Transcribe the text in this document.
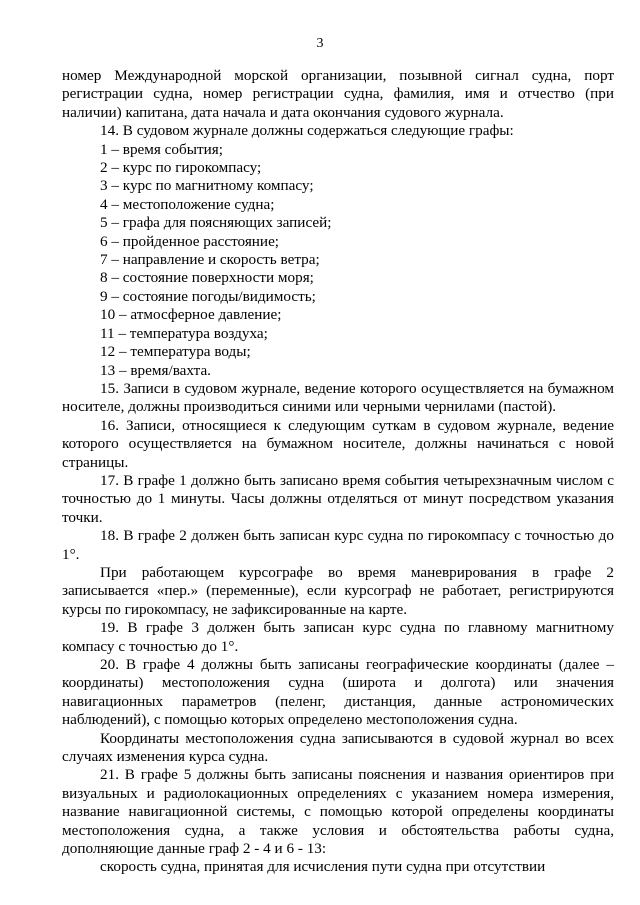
3

номер Международной морской организации, позывной сигнал судна, порт регистрации судна, номер регистрации судна, фамилия, имя и отчество (при наличии) капитана, дата начала и дата окончания судового журнала.

14. В судовом журнале должны содержаться следующие графы:

1 – время события;

2 – курс по гирокомпасу;

3 – курс по магнитному компасу;

4 – местоположение судна;

5 – графа для поясняющих записей;

6 – пройденное расстояние;

7 – направление и скорость ветра;

8 – состояние поверхности моря;

9 – состояние погоды/видимость;

10 – атмосферное давление;

11 – температура воздуха;

12 – температура воды;

13 – время/вахта.

15. Записи в судовом журнале, ведение которого осуществляется на бумажном носителе, должны производиться синими или черными чернилами (пастой).

16. Записи, относящиеся к следующим суткам в судовом журнале, ведение которого осуществляется на бумажном носителе, должны начинаться с новой страницы.

17. В графе 1 должно быть записано время события четырехзначным числом с точностью до 1 минуты. Часы должны отделяться от минут посредством указания точки.

18. В графе 2 должен быть записан курс судна по гирокомпасу с точностью до 1°.

При работающем курсографе во время маневрирования в графе 2 записывается «пер.» (переменные), если курсограф не работает, регистрируются курсы по гирокомпасу, не зафиксированные на карте.

19. В графе 3 должен быть записан курс судна по главному магнитному компасу с точностью до 1°.

20. В графе 4 должны быть записаны географические координаты (далее – координаты) местоположения судна (широта и долгота) или значения навигационных параметров (пеленг, дистанция, данные астрономических наблюдений), с помощью которых определено местоположения судна.

Координаты местоположения судна записываются в судовой журнал во всех случаях изменения курса судна.

21. В графе 5 должны быть записаны пояснения и названия ориентиров при визуальных и радиолокационных определениях с указанием номера измерения, название навигационной системы, с помощью которой определены координаты местоположения судна, а также условия и обстоятельства работы судна, дополняющие данные граф 2 - 4 и 6 - 13:

скорость судна, принятая для исчисления пути судна при отсутствии
